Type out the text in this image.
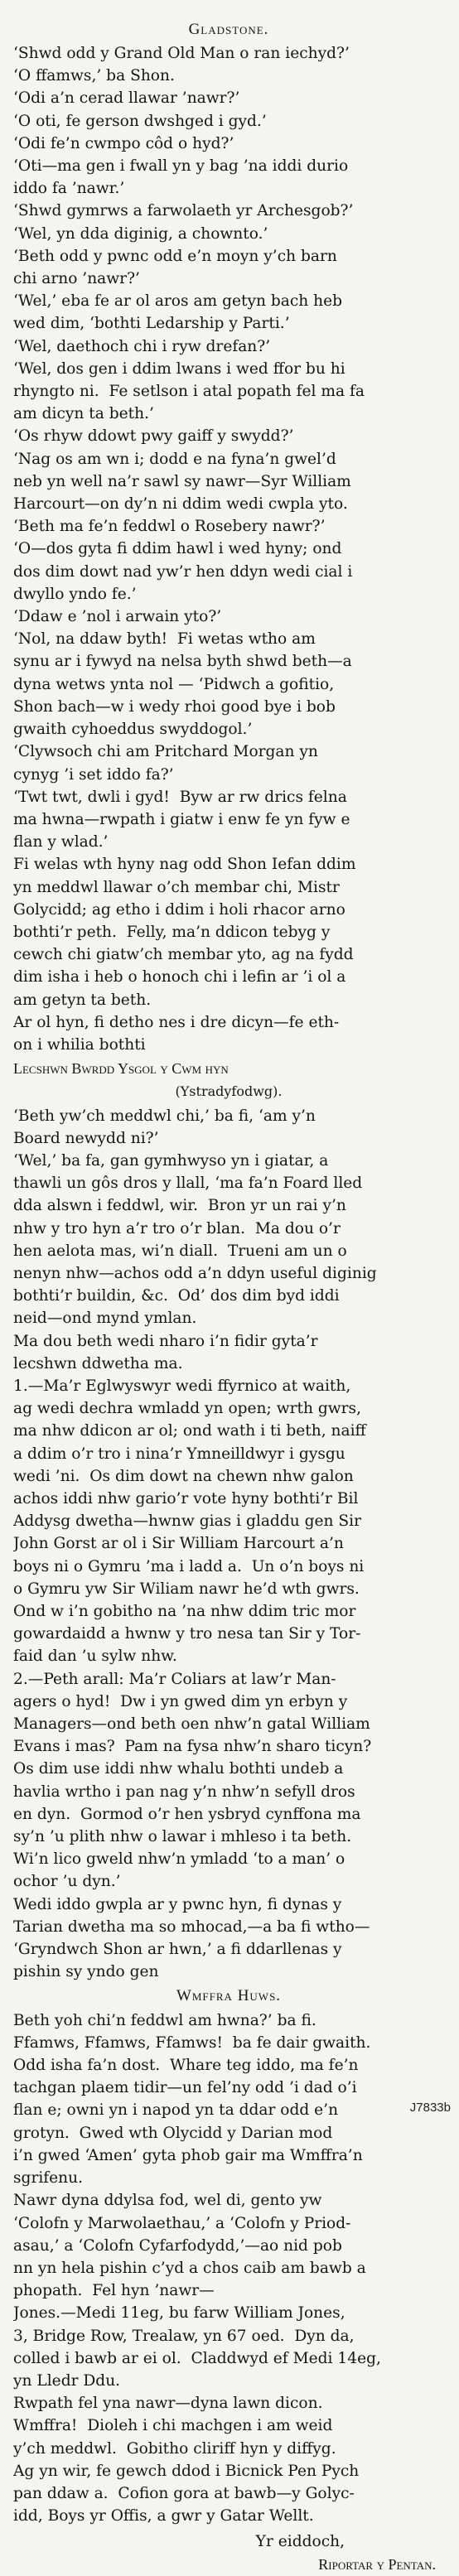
Gladstone.
‘Shwd odd y Grand Old Man o ran iechyd?’
‘O ffamws,’ ba Shon.
‘Odi a’n cerad llawar ’nawr?’
‘O oti, fe gerson dwshged i gyd.’
‘Odi fe’n cwmpo côd o hyd?’
‘Oti—ma gen i fwall yn y bag ’na iddi durio
iddo fa ’nawr.’
‘Shwd gymrws a farwolaeth yr Archesgob?’
‘Wel, yn dda diginig, a chownto.’
‘Beth odd y pwnc odd e’n moyn y’ch barn
chi arno ’nawr?’
‘Wel,’ eba fe ar ol aros am getyn bach heb
wed dim, ‘bothti Ledarship y Parti.’
‘Wel, daethoch chi i ryw drefan?’
‘Wel, dos gen i ddim lwans i wed ffor bu hi
rhyngto ni.  Fe setlson i atal popath fel ma fa
am dicyn ta beth.’
‘Os rhyw ddowt pwy gaiff y swydd?’
‘Nag os am wn i; dodd e na fyna’n gwel’d
neb yn well na’r sawl sy nawr—Syr William
Harcourt—on dy’n ni ddim wedi cwpla yto.
‘Beth ma fe’n feddwl o Rosebery nawr?’
‘O—dos gyta fi ddim hawl i wed hyny; ond
dos dim dowt nad yw’r hen ddyn wedi cial i
dwyllo yndo fe.’
‘Ddaw e ’nol i arwain yto?’
‘Nol, na ddaw byth!  Fi wetas wtho am
synu ar i fywyd na nelsa byth shwd beth—a
dyna wetws ynta nol — ‘Pidwch a gofitio,
Shon bach—w i wedy rhoi good bye i bob
gwaith cyhoeddus swyddogol.’
‘Clywsoch chi am Pritchard Morgan yn
cynyg ’i set iddo fa?’
‘Twt twt, dwli i gyd!  Byw ar rw drics felna
ma hwna—rwpath i giatw i enw fe yn fyw e
flan y wlad.’
Fi welas wth hyny nag odd Shon Iefan ddim
yn meddwl llawar o’ch membar chi, Mistr
Golycidd; ag etho i ddim i holi rhacor arno
bothti’r peth.  Felly, ma’n ddicon tebyg y
cewch chi giatw’ch membar yto, ag na fydd
dim isha i heb o honoch chi i lefin ar ’i ol a
am getyn ta beth.
Ar ol hyn, fi detho nes i dre dicyn—fe eth-
on i whilia bothti
Lecshwn Bwrdd Ysgol y Cwm hyn
(Ystradyfodwg).
‘Beth yw’ch meddwl chi,’ ba fi, ‘am y’n
Board newydd ni?’
‘Wel,’ ba fa, gan gymhwyso yn i giatar, a
thawli un gôs dros y llall, ‘ma fa’n Foard lled
dda alswn i feddwl, wir.  Bron yr un rai y’n
nhw y tro hyn a’r tro o’r blan.  Ma dou o’r
hen aelota mas, wi’n diall.  Trueni am un o
nenyn nhw—achos odd a’n ddyn useful diginig
bothti’r buildin, &c.  Od’ dos dim byd iddi
neid—ond mynd ymlan.
Ma dou beth wedi nharo i’n fidir gyta’r
lecshwn ddwetha ma.
1.—Ma’r Eglwyswyr wedi ffyrnico at waith,
ag wedi dechra wmladd yn open; wrth gwrs,
ma nhw ddicon ar ol; ond wath i ti beth, naiff
a ddim o’r tro i nina’r Ymneilldwyr i gysgu
wedi ’ni.  Os dim dowt na chewn nhw galon
achos iddi nhw gario’r vote hyny bothti’r Bil
Addysg dwetha—hwnw gias i gladdu gen Sir
John Gorst ar ol i Sir William Harcourt a’n
boys ni o Gymru ’ma i ladd a.  Un o’n boys ni
o Gymru yw Sir Wiliam nawr he’d wth gwrs.
Ond w i’n gobitho na ’na nhw ddim tric mor
gowardaidd a hwnw y tro nesa tan Sir y Tor-
faid dan ’u sylw nhw.
2.—Peth arall: Ma’r Coliars at law’r Man-
agers o hyd!  Dw i yn gwed dim yn erbyn y
Managers—ond beth oen nhw’n gatal William
Evans i mas?  Pam na fysa nhw’n sharo ticyn?
Os dim use iddi nhw whalu bothti undeb a
havlia wrtho i pan nag y’n nhw’n sefyll dros
en dyn.  Gormod o’r hen ysbryd cynffona ma
sy’n ’u plith nhw o lawar i mhleso i ta beth.
Wi’n lico gweld nhw’n ymladd ‘to a man’ o
ochor ’u dyn.’
Wedi iddo gwpla ar y pwnc hyn, fi dynas y
Tarian dwetha ma so mhocad,—a ba fi wtho—
‘Gryndwch Shon ar hwn,’ a fi ddarllenas y
pishin sy yndo gen
Wmffra Huws.
Beth yoh chi’n feddwl am hwna?’ ba fi.
Ffamws, Ffamws, Ffamws!  ba fe dair gwaith.
Odd isha fa’n dost.  Whare teg iddo, ma fe’n
tachgan plaem tidir—un fel’ny odd ’i dad o’i
flan e; owni yn i napod yn ta ddar odd e’n
grotyn.  Gwed wth Olycidd y Darian mod
i’n gwed ‘Amen’ gyta phob gair ma Wmffra’n
sgrifenu.
Nawr dyna ddylsa fod, wel di, gento yw
‘Colofn y Marwolaethau,’ a ‘Colofn y Priod-
asau,’ a ‘Colofn Cyfarfodydd,’—ao nid pob
nn yn hela pishin c’yd a chos caib am bawb a
phopath.  Fel hyn ’nawr—
Jones.—Medi 11eg, bu farw William Jones,
3, Bridge Row, Trealaw, yn 67 oed.  Dyn da,
colled i bawb ar ei ol.  Claddwyd ef Medi 14eg,
yn Lledr Ddu.
Rwpath fel yna nawr—dyna lawn dicon.
Wmffra!  Dioleh i chi machgen i am weid
y’ch meddwl.  Gobitho cliriff hyn y diffyg.
Ag yn wir, fe gewch ddod i Bicnick Pen Pych
pan ddaw a.  Cofion gora at bawb—y Golyc-
idd, Boys yr Offis, a gwr y Gatar Wellt.
Yr eiddoch,
Riportar y Pentan.
J7833b
